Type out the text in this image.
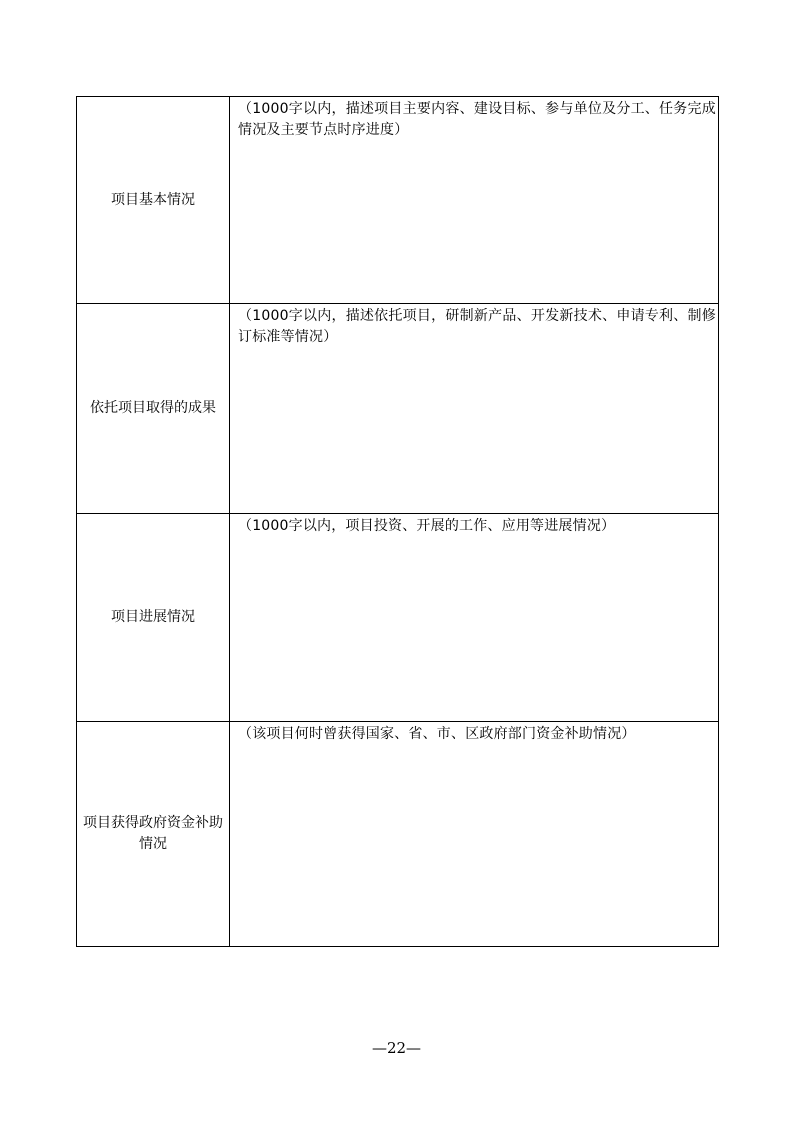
项目基本情况	（1000字以内，描述项目主要内容、建设目标、参与单位及分工、任务完成情况及主要节点时序进度）
依托项目取得的成果	（1000字以内，描述依托项目，研制新产品、开发新技术、申请专利、制修订标准等情况）
项目进展情况	（1000字以内，项目投资、开展的工作、应用等进展情况）
项目获得政府资金补助情况	（该项目何时曾获得国家、省、市、区政府部门资金补助情况）
—22—
